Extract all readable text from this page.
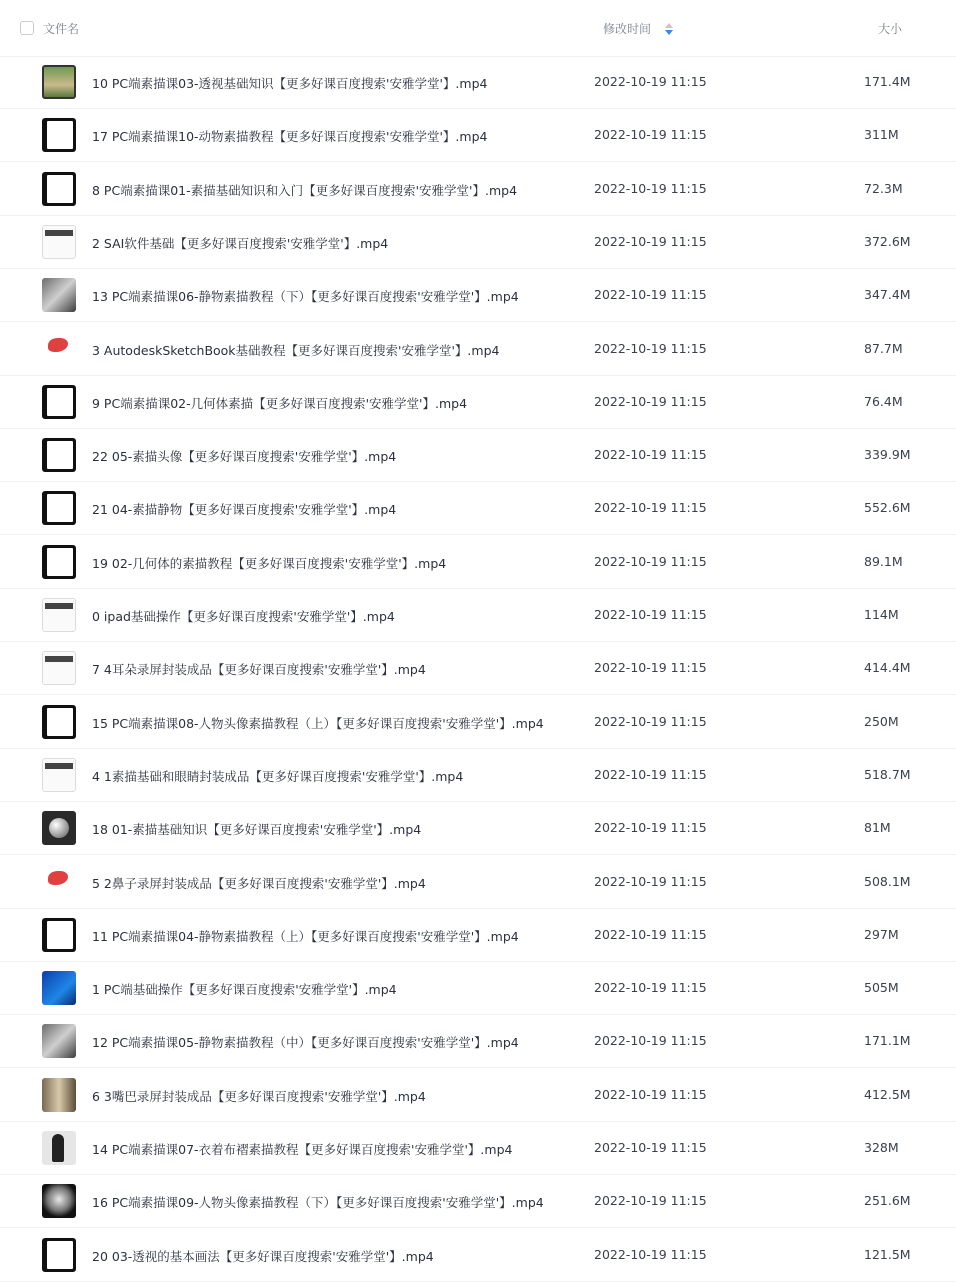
文件名	修改时间	大小
10 PC端素描课03-透视基础知识【更多好课百度搜索'安雅学堂'】.mp4	2022-10-19 11:15	171.4M
17 PC端素描课10-动物素描教程【更多好课百度搜索'安雅学堂'】.mp4	2022-10-19 11:15	311M
8 PC端素描课01-素描基础知识和入门【更多好课百度搜索'安雅学堂'】.mp4	2022-10-19 11:15	72.3M
2 SAI软件基础【更多好课百度搜索'安雅学堂'】.mp4	2022-10-19 11:15	372.6M
13 PC端素描课06-静物素描教程（下）【更多好课百度搜索'安雅学堂'】.mp4	2022-10-19 11:15	347.4M
3 AutodeskSketchBook基础教程【更多好课百度搜索'安雅学堂'】.mp4	2022-10-19 11:15	87.7M
9 PC端素描课02-几何体素描【更多好课百度搜索'安雅学堂'】.mp4	2022-10-19 11:15	76.4M
22 05-素描头像【更多好课百度搜索'安雅学堂'】.mp4	2022-10-19 11:15	339.9M
21 04-素描静物【更多好课百度搜索'安雅学堂'】.mp4	2022-10-19 11:15	552.6M
19 02-几何体的素描教程【更多好课百度搜索'安雅学堂'】.mp4	2022-10-19 11:15	89.1M
0 ipad基础操作【更多好课百度搜索'安雅学堂'】.mp4	2022-10-19 11:15	114M
7 4耳朵录屏封装成品【更多好课百度搜索'安雅学堂'】.mp4	2022-10-19 11:15	414.4M
15 PC端素描课08-人物头像素描教程（上）【更多好课百度搜索'安雅学堂'】.mp4	2022-10-19 11:15	250M
4 1素描基础和眼睛封装成品【更多好课百度搜索'安雅学堂'】.mp4	2022-10-19 11:15	518.7M
18 01-素描基础知识【更多好课百度搜索'安雅学堂'】.mp4	2022-10-19 11:15	81M
5 2鼻子录屏封装成品【更多好课百度搜索'安雅学堂'】.mp4	2022-10-19 11:15	508.1M
11 PC端素描课04-静物素描教程（上）【更多好课百度搜索'安雅学堂'】.mp4	2022-10-19 11:15	297M
1 PC端基础操作【更多好课百度搜索'安雅学堂'】.mp4	2022-10-19 11:15	505M
12 PC端素描课05-静物素描教程（中）【更多好课百度搜索'安雅学堂'】.mp4	2022-10-19 11:15	171.1M
6 3嘴巴录屏封装成品【更多好课百度搜索'安雅学堂'】.mp4	2022-10-19 11:15	412.5M
14 PC端素描课07-衣着布褶素描教程【更多好课百度搜索'安雅学堂'】.mp4	2022-10-19 11:15	328M
16 PC端素描课09-人物头像素描教程（下）【更多好课百度搜索'安雅学堂'】.mp4	2022-10-19 11:15	251.6M
20 03-透视的基本画法【更多好课百度搜索'安雅学堂'】.mp4	2022-10-19 11:15	121.5M
